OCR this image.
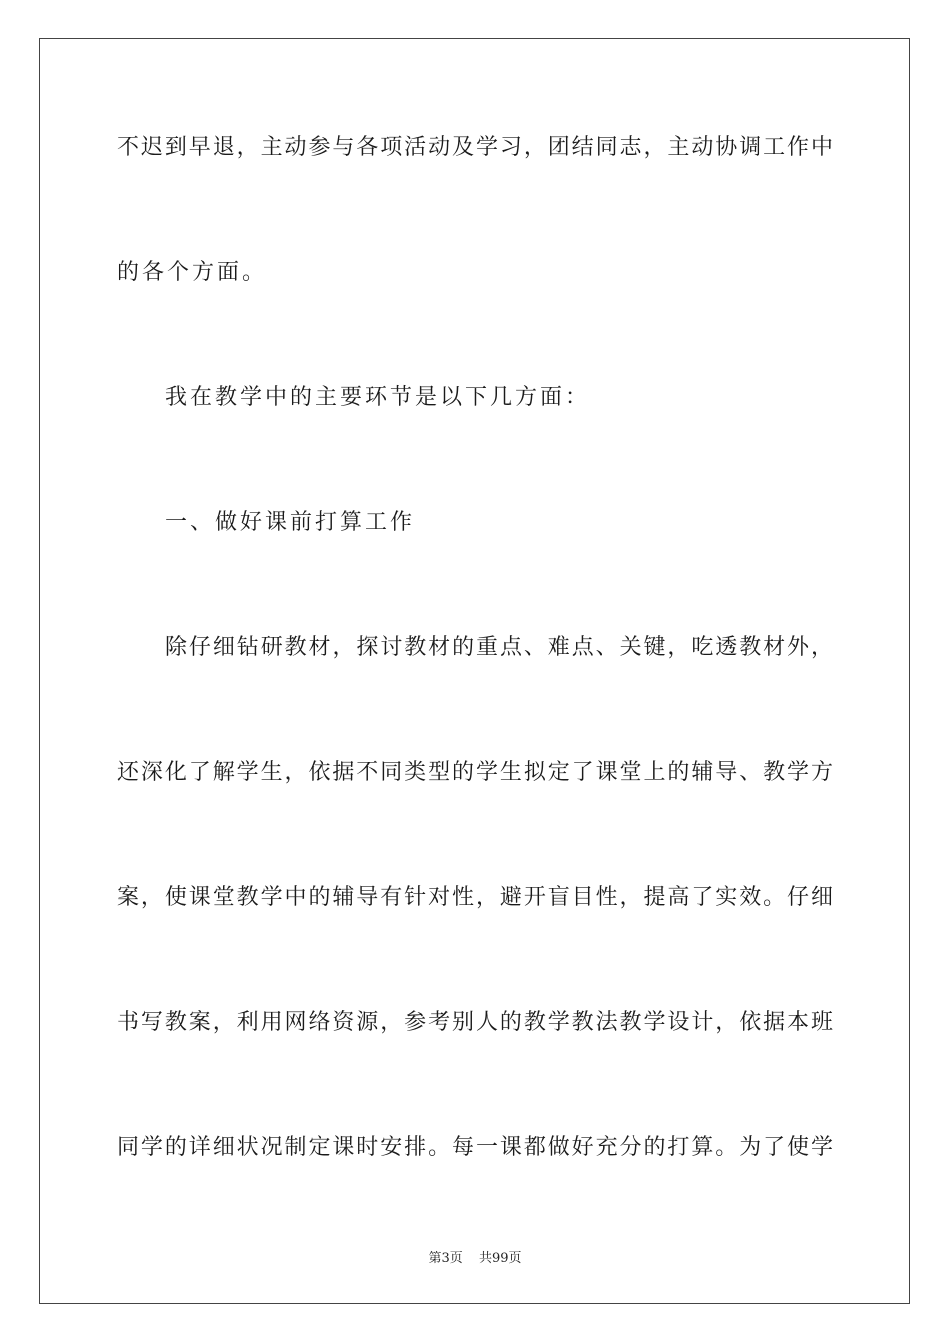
不迟到早退，主动参与各项活动及学习，团结同志，主动协调工作中
的各个方面。
我在教学中的主要环节是以下几方面：
一、做好课前打算工作
除仔细钻研教材，探讨教材的重点、难点、关键，吃透教材外，
还深化了解学生，依据不同类型的学生拟定了课堂上的辅导、教学方
案，使课堂教学中的辅导有针对性，避开盲目性，提高了实效。仔细
书写教案，利用网络资源，参考别人的教学教法教学设计，依据本班
同学的详细状况制定课时安排。每一课都做好充分的打算。为了使学
第3页 共99页
